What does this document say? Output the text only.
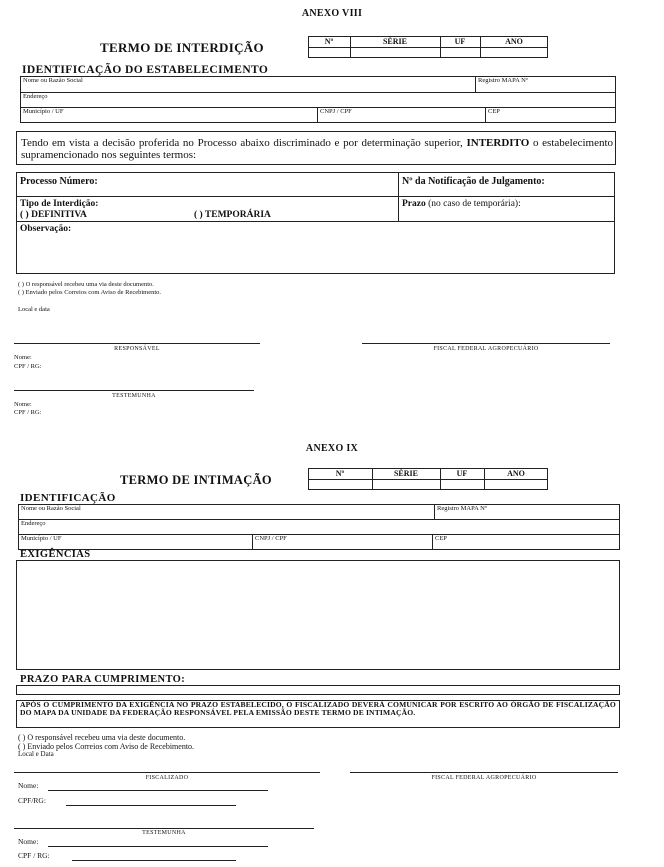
ANEXO VIII
TERMO DE INTERDIÇÃO	Nº	SÉRIE	UF	ANO
IDENTIFICAÇÃO DO ESTABELECIMENTO
Nome ou Razão Social	Registro MAPA Nº
Endereço
Município / UF	CNPJ / CPF	CEP
Tendo em vista a decisão proferida no Processo abaixo discriminado e por determinação superior, INTERDITO o estabelecimento supramencionado nos seguintes termos:
Processo Número:	Nº da Notificação de Julgamento:
Tipo de Interdição:
( ) DEFINITIVA	( ) TEMPORÁRIA
Prazo (no caso de temporária):
Observação:
( ) O responsável recebeu uma via deste documento.
( ) Enviado pelos Correios com Aviso de Recebimento.
Local e data
RESPONSÁVEL	FISCAL FEDERAL AGROPECUÁRIO
Nome:
CPF / RG:
TESTEMUNHA
Nome:
CPF / RG:
ANEXO IX
TERMO DE INTIMAÇÃO	Nº	SÉRIE	UF	ANO
IDENTIFICAÇÃO
Nome ou Razão Social	Registro MAPA Nº
Endereço
Município / UF	CNPJ / CPF	CEP
EXIGÊNCIAS
PRAZO PARA CUMPRIMENTO:
APÓS O CUMPRIMENTO DA EXIGÊNCIA NO PRAZO ESTABELECIDO, O FISCALIZADO DEVERÁ COMUNICAR POR ESCRITO AO ÓRGÃO DE FISCALIZAÇÃO DO MAPA DA UNIDADE DA FEDERAÇÃO RESPONSÁVEL PELA EMISSÃO DESTE TERMO DE INTIMAÇÃO.
( ) O responsável recebeu uma via deste documento.
( ) Enviado pelos Correios com Aviso de Recebimento.
Local e Data
FISCALIZADO	FISCAL FEDERAL AGROPECUÁRIO
Nome:
CPF/RG:
TESTEMUNHA
Nome:
CPF / RG:
